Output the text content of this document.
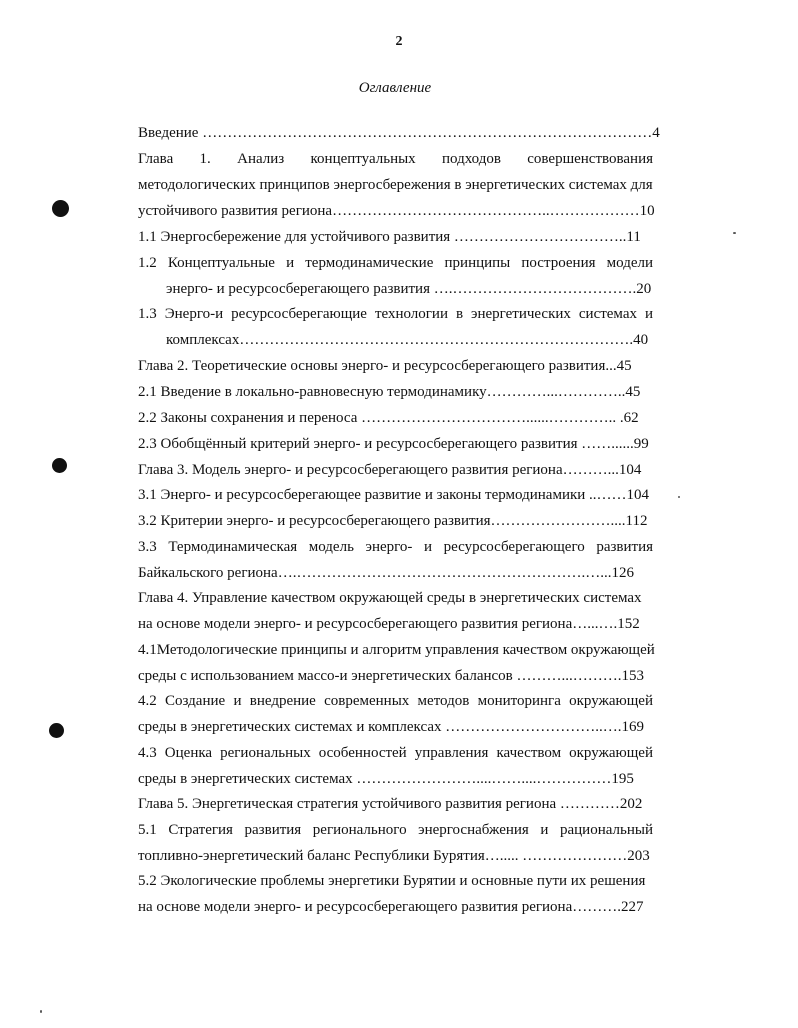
2
Оглавление
Введение ………………………………………………………………………………4
Глава 1. Анализ концептуальных подходов совершенствования
методологических принципов энергосбережения в энергетических системах для
устойчивого развития региона……………………………………..………………10
1.1 Энергосбережение для устойчивого развития ……………………………..11
1.2 Концептуальные и термодинамические принципы построения модели
энерго- и ресурсосберегающего развития ….……………………………….20
1.3 Энерго-и ресурсосберегающие технологии в энергетических системах и
комплексах…………………………………………………………………….40
Глава 2. Теоретические основы энерго- и ресурсосберегающего развития...45
2.1 Введение в локально-равновесную термодинамику…………...…………..45
2.2 Законы сохранения и переноса ……………………………......………….. .62
2.3 Обобщённый критерий энерго- и ресурсосберегающего развития ……......99
Глава 3. Модель энерго- и ресурсосберегающего развития региона………...104
3.1 Энерго- и ресурсосберегающее развитие и законы термодинамики ..……104
3.2 Критерии энерго- и ресурсосберегающего развития……………………....112
3.3 Термодинамическая модель энерго- и ресурсосберегающего развития
Байкальского региона….………………………………………………….…...126
Глава 4. Управление качеством окружающей среды в энергетических системах
на основе модели энерго- и ресурсосберегающего развития региона…...….152
4.1Методологические принципы и алгоритм управления качеством окружающей
среды с использованием массо-и энергетических балансов ………...……….153
4.2 Создание и внедрение современных методов мониторинга окружающей
среды в энергетических системах и комплексах …………………………..….169
4.3 Оценка региональных особенностей управления качеством окружающей
среды в энергетических системах ……………………....……....……………195
Глава 5. Энергетическая стратегия устойчивого развития региона …………202
5.1 Стратегия развития регионального энергоснабжения и рациональный
топливно-энергетический баланс Республики Бурятия…..... …………………203
5.2 Экологические проблемы энергетики Бурятии и основные пути их решения
на основе модели энерго- и ресурсосберегающего развития региона……….227
